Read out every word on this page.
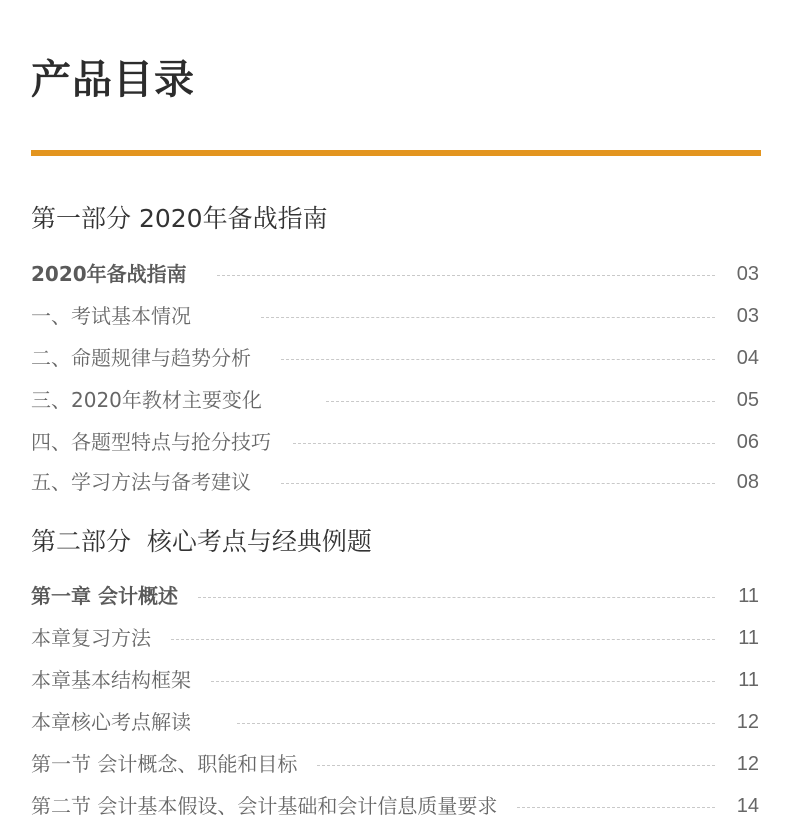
产品目录
第一部分 2020年备战指南
2020年备战指南	03
一、考试基本情况	03
二、命题规律与趋势分析	04
三、2020年教材主要变化	05
四、各题型特点与抢分技巧	06
五、学习方法与备考建议	08
第二部分  核心考点与经典例题
第一章 会计概述	11
本章复习方法	11
本章基本结构框架	11
本章核心考点解读	12
第一节 会计概念、职能和目标	12
第二节 会计基本假设、会计基础和会计信息质量要求	14
